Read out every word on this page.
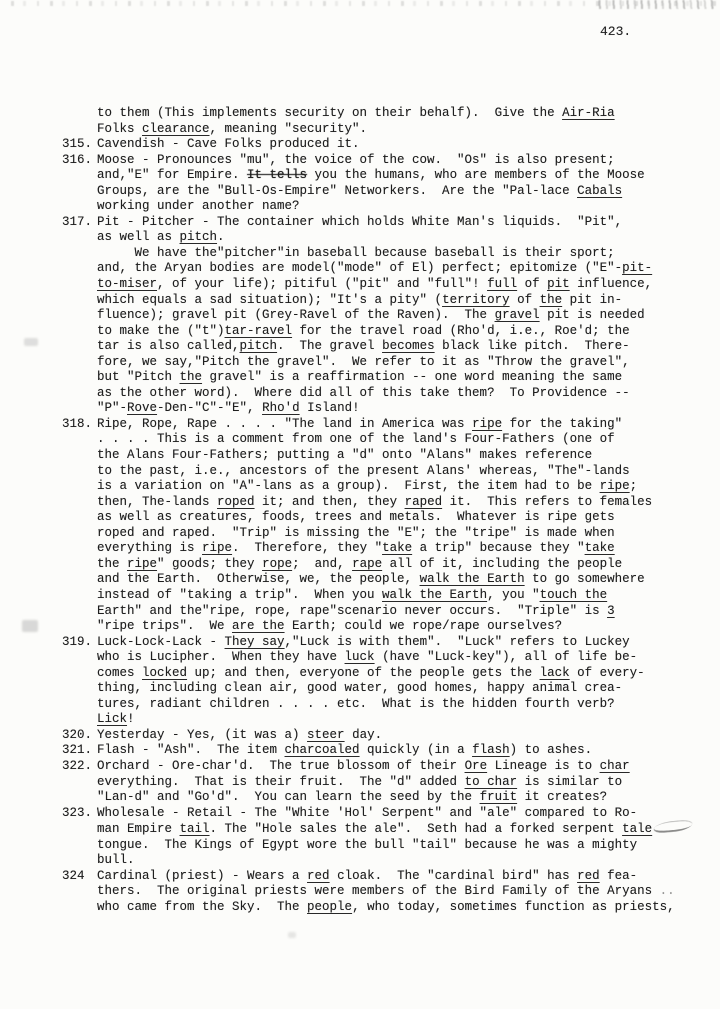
423.
to them (This implements security on their behalf).  Give the Air-Ria
Folks clearance, meaning "security".
315. Cavendish - Cave Folks produced it.
316. Moose - Pronounces "mu", the voice of the cow.  "Os" is also present;
and,"E" for Empire. It tells you the humans, who are members of the Moose
Groups, are the "Bull-Os-Empire" Networkers.  Are the "Pal-lace Cabals
working under another name?
317. Pit - Pitcher - The container which holds White Man's liquids.  "Pit",
as well as pitch.
We have the"pitcher"in baseball because baseball is their sport;
and, the Aryan bodies are model("mode" of El) perfect; epitomize ("E"-pit-
to-miser, of your life); pitiful ("pit" and "full"! full of pit influence,
which equals a sad situation); "It's a pity" (territory of the pit in-
fluence); gravel pit (Grey-Ravel of the Raven).  The gravel pit is needed
to make the ("t")tar-ravel for the travel road (Rho'd, i.e., Roe'd; the
tar is also called,pitch.  The gravel becomes black like pitch.  There-
fore, we say,"Pitch the gravel".  We refer to it as "Throw the gravel",
but "Pitch the gravel" is a reaffirmation -- one word meaning the same
as the other word).  Where did all of this take them?  To Providence --
"P"-Rove-Den-"C"-"E", Rho'd Island!
318. Ripe, Rope, Rape . . . . "The land in America was ripe for the taking"
. . . . This is a comment from one of the land's Four-Fathers (one of
the Alans Four-Fathers; putting a "d" onto "Alans" makes reference
to the past, i.e., ancestors of the present Alans' whereas, "The"-lands
is a variation on "A"-lans as a group).  First, the item had to be ripe;
then, The-lands roped it; and then, they raped it.  This refers to females
as well as creatures, foods, trees and metals.  Whatever is ripe gets
roped and raped.  "Trip" is missing the "E"; the "tripe" is made when
everything is ripe.  Therefore, they "take a trip" because they "take
the ripe" goods; they rope;  and, rape all of it, including the people
and the Earth.  Otherwise, we, the people, walk the Earth to go somewhere
instead of "taking a trip".  When you walk the Earth, you "touch the
Earth" and the"ripe, rope, rape"scenario never occurs.  "Triple" is 3
"ripe trips".  We are the Earth; could we rope/rape ourselves?
319. Luck-Lock-Lack - They say,"Luck is with them".  "Luck" refers to Luckey
who is Lucipher.  When they have luck (have "Luck-key"), all of life be-
comes locked up; and then, everyone of the people gets the lack of every-
thing, including clean air, good water, good homes, happy animal crea-
tures, radiant children . . . . etc.  What is the hidden fourth verb?
Lick!
320. Yesterday - Yes, (it was a) steer day.
321. Flash - "Ash".  The item charcoaled quickly (in a flash) to ashes.
322. Orchard - Ore-char'd.  The true blossom of their Ore Lineage is to char
everything.  That is their fruit.  The "d" added to char is similar to
"Lan-d" and "Go'd".  You can learn the seed by the fruit it creates?
323. Wholesale - Retail - The "White 'Hol' Serpent" and "ale" compared to Ro-
man Empire tail. The "Hole sales the ale".  Seth had a forked serpent tale
tongue.  The Kings of Egypt wore the bull "tail" because he was a mighty
bull.
324 Cardinal (priest) - Wears a red cloak.  The "cardinal bird" has red fea-
thers.  The original priests were members of the Bird Family of the Aryans ..
who came from the Sky.  The people, who today, sometimes function as priests,
